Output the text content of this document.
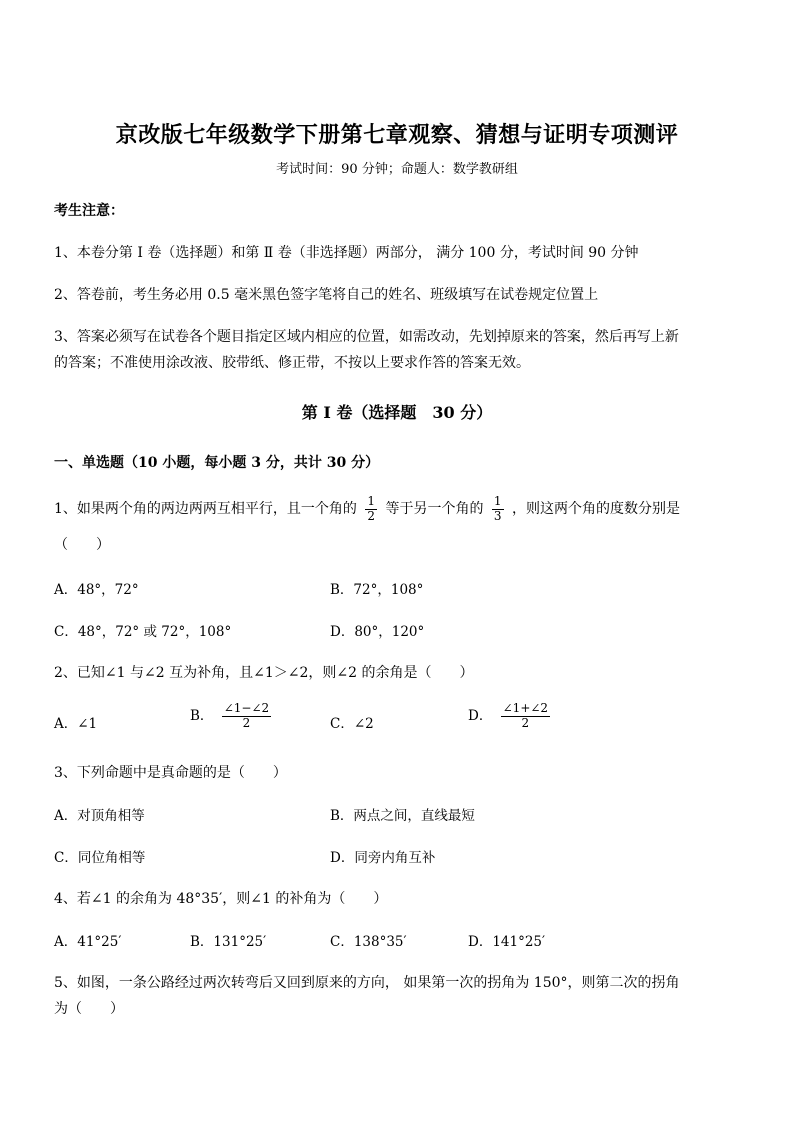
京改版七年级数学下册第七章观察、猜想与证明专项测评
考试时间：90 分钟；命题人：数学教研组
考生注意：
1、本卷分第 Ⅰ 卷（选择题）和第 Ⅱ 卷（非选择题）两部分， 满分 100 分，考试时间 90 分钟
2、答卷前，考生务必用 0.5 毫米黑色签字笔将自己的姓名、班级填写在试卷规定位置上
3、答案必须写在试卷各个题目指定区域内相应的位置，如需改动，先划掉原来的答案，然后再写上新
的答案；不准使用涂改液、胶带纸、修正带，不按以上要求作答的答案无效。
第 I 卷（选择题　30 分）
一、单选题（10 小题，每小题 3 分，共计 30 分）
1、如果两个角的两边两两互相平行，且一个角的 $\frac{1}{2}$ 等于另一个角的 $\frac{1}{3}$ ，则这两个角的度数分别是
（　　）
A．48°，72°	B．72°，108°
C．48°，72° 或 72°，108°	D．80°，120°
2、已知∠1 与∠2 互为补角，且∠1＞∠2，则∠2 的余角是（　　）
A．∠1
B． $\frac{\angle 1-\angle 2}{2}$	C．∠2
D． $\frac{\angle 1+\angle 2}{2}$
3、下列命题中是真命题的是（　　）
A．对顶角相等	B．两点之间，直线最短
C．同位角相等	D．同旁内角互补
4、若∠1 的余角为 48°35′，则∠1 的补角为（　　）
A．41°25′	B．131°25′	C．138°35′	D．141°25′
5、如图，一条公路经过两次转弯后又回到原来的方向， 如果第一次的拐角为 150°，则第二次的拐角
为（　　）
